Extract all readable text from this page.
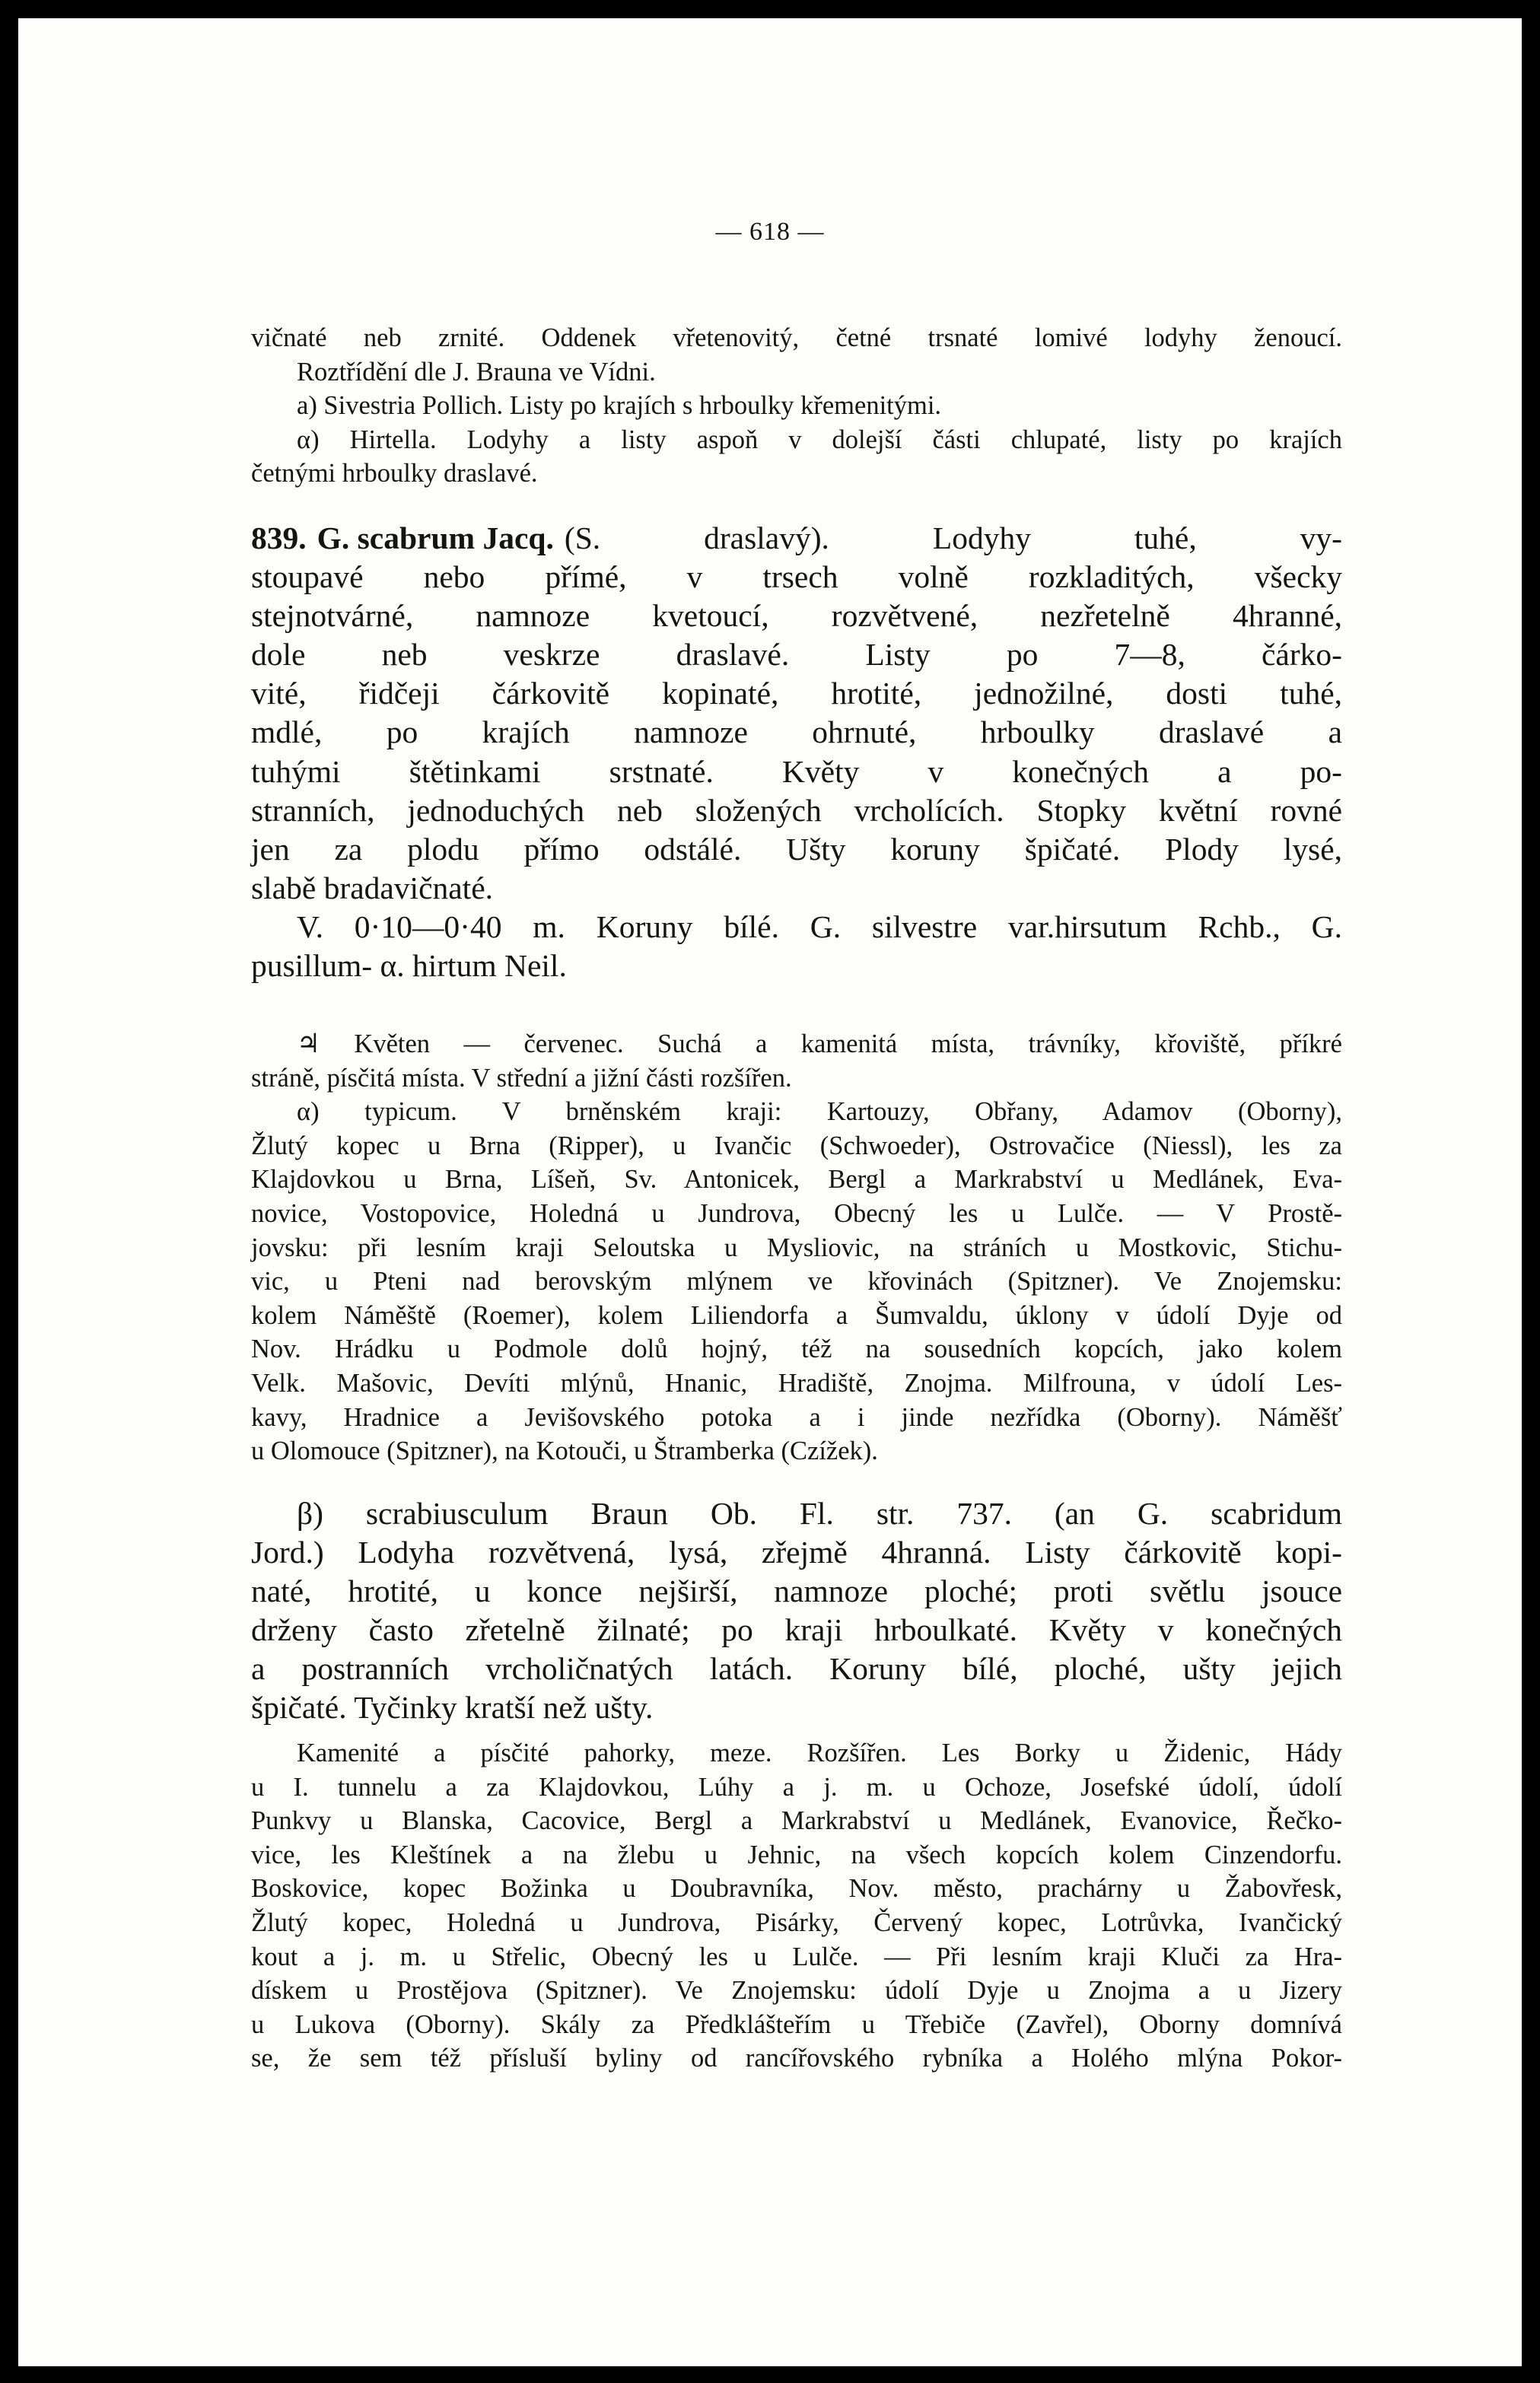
— 618 —
vičnaté neb zrnité. Oddenek vřetenovitý, četné trsnaté lomivé lodyhy ženoucí.
Roztřídění dle J. Brauna ve Vídni.
a) Sivestria Pollich. Listy po krajích s hrboulky křemenitými.
α) Hirtella. Lodyhy a listy aspoň v dolejší části chlupaté, listy po krajích
četnými hrboulky draslavé.
839. G. scabrum Jacq. (S. draslavý). Lodyhy tuhé, vy-
stoupavé nebo přímé, v trsech volně rozkladitých, všecky
stejnotvárné, namnoze kvetoucí, rozvětvené, nezřetelně 4hranné,
dole neb veskrze draslavé. Listy po 7—8, čárko-
vité, řidčeji čárkovitě kopinaté, hrotité, jednožilné, dosti tuhé,
mdlé, po krajích namnoze ohrnuté, hrboulky draslavé a
tuhými štětinkami srstnaté. Květy v konečných a po-
stranních, jednoduchých neb složených vrcholících. Stopky květní rovné
jen za plodu přímo odstálé. Ušty koruny špičaté. Plody lysé,
slabě bradavičnaté.
V. 0·10—0·40 m. Koruny bílé. G. silvestre var.hirsutum Rchb., G.
pusillum- α. hirtum Neil.
♃ Květen — červenec. Suchá a kamenitá místa, trávníky, křoviště, příkré
stráně, písčitá místa. V střední a jižní části rozšířen.
α) typicum. V brněnském kraji: Kartouzy, Obřany, Adamov (Oborny),
Žlutý kopec u Brna (Ripper), u Ivančic (Schwoeder), Ostrovačice (Niessl), les za
Klajdovkou u Brna, Líšeň, Sv. Antonicek, Bergl a Markrabství u Medlánek, Eva-
novice, Vostopovice, Holedná u Jundrova, Obecný les u Lulče. — V Prostě-
jovsku: při lesním kraji Seloutska u Mysliovic, na stráních u Mostkovic, Stichu-
vic, u Pteni nad berovským mlýnem ve křovinách (Spitzner). Ve Znojemsku:
kolem Náměště (Roemer), kolem Liliendorfa a Šumvaldu, úklony v údolí Dyje od
Nov. Hrádku u Podmole dolů hojný, též na sousedních kopcích, jako kolem
Velk. Mašovic, Devíti mlýnů, Hnanic, Hradiště, Znojma. Milfrouna, v údolí Les-
kavy, Hradnice a Jevišovského potoka a i jinde nezřídka (Oborny). Náměšť
u Olomouce (Spitzner), na Kotouči, u Štramberka (Czížek).
β) scrabiusculum Braun Ob. Fl. str. 737. (an G. scabridum
Jord.) Lodyha rozvětvená, lysá, zřejmě 4hranná. Listy čárkovitě kopi-
naté, hrotité, u konce nejširší, namnoze ploché; proti světlu jsouce
drženy často zřetelně žilnaté; po kraji hrboulkaté. Květy v konečných
a postranních vrcholičnatých latách. Koruny bílé, ploché, ušty jejich
špičaté. Tyčinky kratší než ušty.
Kamenité a písčité pahorky, meze. Rozšířen. Les Borky u Židenic, Hády
u I. tunnelu a za Klajdovkou, Lúhy a j. m. u Ochoze, Josefské údolí, údolí
Punkvy u Blanska, Cacovice, Bergl a Markrabství u Medlánek, Evanovice, Řečko-
vice, les Kleštínek a na žlebu u Jehnic, na všech kopcích kolem Cinzendorfu.
Boskovice, kopec Božinka u Doubravníka, Nov. město, prachárny u Žabovřesk,
Žlutý kopec, Holedná u Jundrova, Pisárky, Červený kopec, Lotrůvka, Ivančický
kout a j. m. u Střelic, Obecný les u Lulče. — Při lesním kraji Kluči za Hra-
dískem u Prostějova (Spitzner). Ve Znojemsku: údolí Dyje u Znojma a u Jizery
u Lukova (Oborny). Skály za Předklášteřím u Třebiče (Zavřel), Oborny domnívá
se, že sem též přísluší byliny od rancířovského rybníka a Holého mlýna Pokor-
